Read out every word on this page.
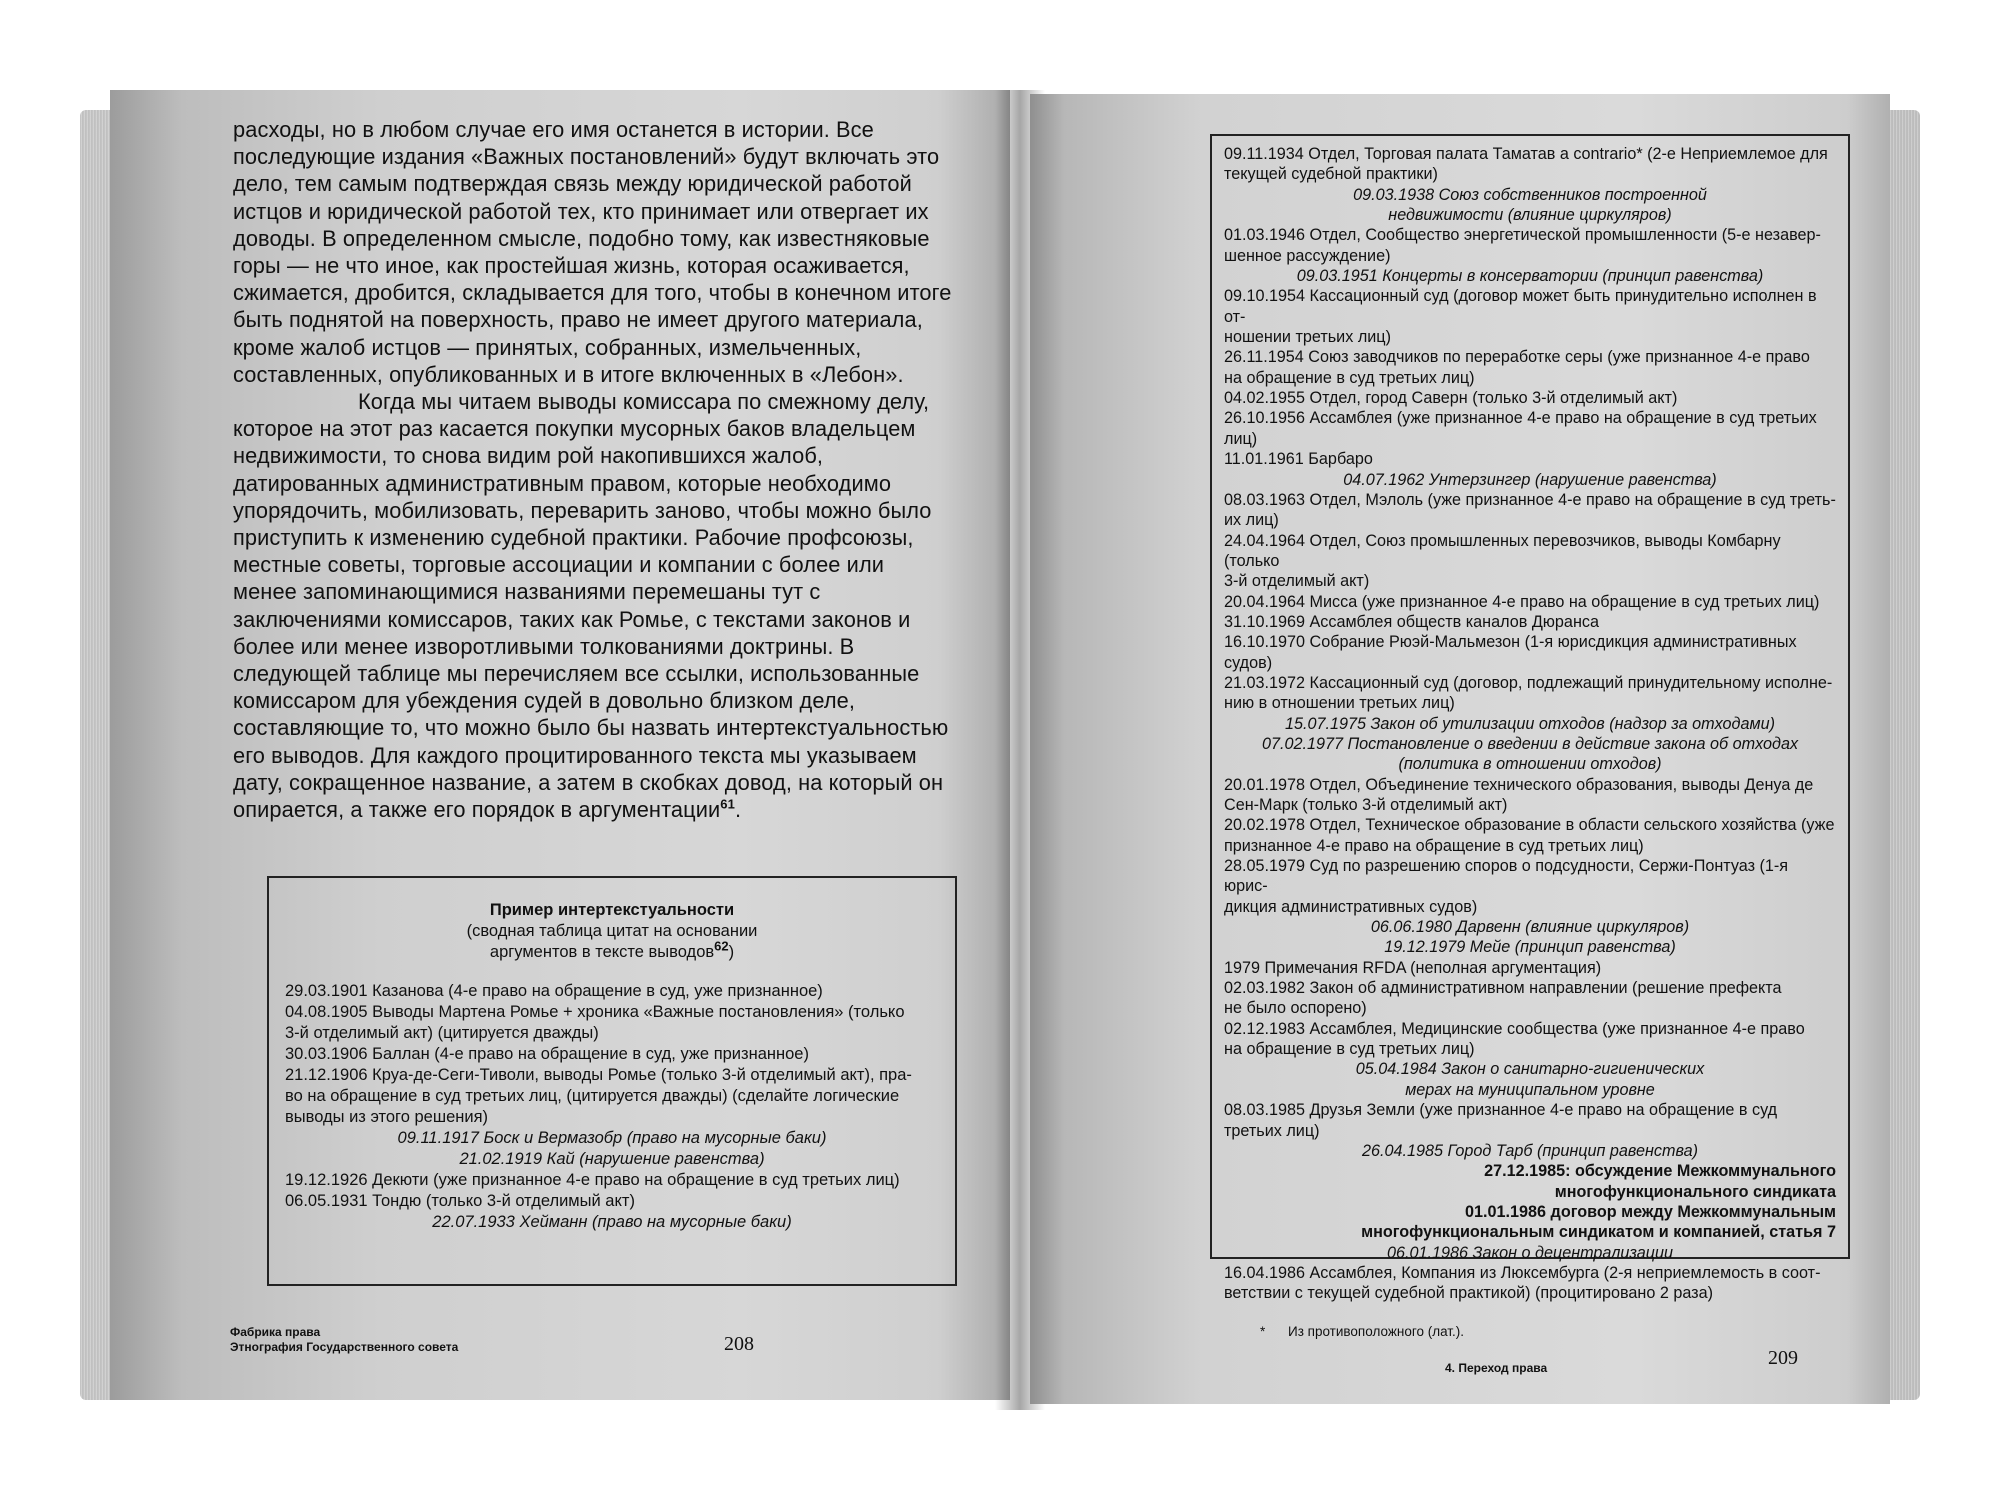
расходы, но в любом случае его имя останется в истории. Все последующие издания «Важных постановлений» будут включать это дело, тем самым подтверждая связь между юридической работой истцов и юридической работой тех, кто принимает или отвергает их доводы. В определенном смысле, подобно тому, как известняковые горы — не что иное, как простейшая жизнь, которая осаживается, сжимается, дробится, складывается для того, чтобы в конечном итоге быть поднятой на поверхность, право не имеет другого материала, кроме жалоб истцов — принятых, собранных, измельченных, составленных, опубликованных и в итоге включенных в «Лебон».

Когда мы читаем выводы комиссара по смежному делу, которое на этот раз касается покупки мусорных баков владельцем недвижимости, то снова видим рой накопившихся жалоб, датированных административным правом, которые необходимо упорядочить, мобилизовать, переварить заново, чтобы можно было приступить к изменению судебной практики. Рабочие профсоюзы, местные советы, торговые ассоциации и компании с более или менее запоминающимися названиями перемешаны тут с заключениями комиссаров, таких как Ромье, с текстами законов и более или менее изворотливыми толкованиями доктрины. В следующей таблице мы перечисляем все ссылки, использованные комиссаром для убеждения судей в довольно близком деле, составляющие то, что можно было бы назвать интертекстуальностью его выводов. Для каждого процитированного текста мы указываем дату, сокращенное название, а затем в скобках довод, на который он опирается, а также его порядок в аргументации$^{61}$.

Пример интертекстуальности
(сводная таблица цитат на основании
аргументов в тексте выводов$^{62}$)
29.03.1901 Казанова (4-е право на обращение в суд, уже признанное)
04.08.1905 Выводы Мартена Ромье + хроника «Важные постановления» (только
3-й отделимый акт) (цитируется дважды)
30.03.1906 Баллан (4-е право на обращение в суд, уже признанное)
21.12.1906 Круа-де-Сеги-Тиволи, выводы Ромье (только 3-й отделимый акт), пра-
во на обращение в суд третьих лиц, (цитируется дважды) (сделайте логические
выводы из этого решения)
09.11.1917 Боск и Вермазобр (право на мусорные баки)
21.02.1919 Кай (нарушение равенства)
19.12.1926 Декюти (уже признанное 4-е право на обращение в суд третьих лиц)
06.05.1931 Тондю (только 3-й отделимый акт)
22.07.1933 Хейманн (право на мусорные баки)
Фабрика права
Этнография Государственного совета	208
09.11.1934 Отдел, Торговая палата Таматав a contrario* (2-е Неприемлемое для
текущей судебной практики)
09.03.1938 Союз собственников построенной
недвижимости (влияние циркуляров)
01.03.1946 Отдел, Сообщество энергетической промышленности (5-е незавер-
шенное рассуждение)
09.03.1951 Концерты в консерватории (принцип равенства)
09.10.1954 Кассационный суд (договор может быть принудительно исполнен в от-
ношении третьих лиц)
26.11.1954 Союз заводчиков по переработке серы (уже признанное 4-е право
на обращение в суд третьих лиц)
04.02.1955 Отдел, город Саверн (только 3-й отделимый акт)
26.10.1956 Ассамблея (уже признанное 4-е право на обращение в суд третьих лиц)
11.01.1961 Барбаро
04.07.1962 Унтерзингер (нарушение равенства)
08.03.1963 Отдел, Мэлоль (уже признанное 4-е право на обращение в суд треть-
их лиц)
24.04.1964 Отдел, Союз промышленных перевозчиков, выводы Комбарну (только
3-й отделимый акт)
20.04.1964 Мисса (уже признанное 4-е право на обращение в суд третьих лиц)
31.10.1969 Ассамблея обществ каналов Дюранса
16.10.1970 Собрание Рюэй-Мальмезон (1-я юрисдикция административных
судов)
21.03.1972 Кассационный суд (договор, подлежащий принудительному исполне-
нию в отношении третьих лиц)
15.07.1975 Закон об утилизации отходов (надзор за отходами)
07.02.1977 Постановление о введении в действие закона об отходах
(политика в отношении отходов)
20.01.1978 Отдел, Объединение технического образования, выводы Денуа де
Сен-Марк (только 3-й отделимый акт)
20.02.1978 Отдел, Техническое образование в области сельского хозяйства (уже
признанное 4-е право на обращение в суд третьих лиц)
28.05.1979 Суд по разрешению споров о подсудности, Сержи-Понтуаз (1-я юрис-
дикция административных судов)
06.06.1980 Дарвенн (влияние циркуляров)
19.12.1979 Мейе (принцип равенства)
1979 Примечания RFDA (неполная аргументация)
02.03.1982 Закон об административном направлении (решение префекта
не было оспорено)
02.12.1983 Ассамблея, Медицинские сообщества (уже признанное 4-е право
на обращение в суд третьих лиц)
05.04.1984 Закон о санитарно-гигиенических
мерах на муниципальном уровне
08.03.1985 Друзья Земли (уже признанное 4-е право на обращение в суд третьих лиц)
26.04.1985 Город Тарб (принцип равенства)
27.12.1985: обсуждение Межкоммунального
многофункционального синдиката
01.01.1986 договор между Межкоммунальным
многофункциональным синдикатом и компанией, статья 7
06.01.1986 Закон о децентрализации
16.04.1986 Ассамблея, Компания из Люксембурга (2-я неприемлемость в соот-
ветствии с текущей судебной практикой) (процитировано 2 раза)
* Из противоположного (лат.).
4. Переход права	209
